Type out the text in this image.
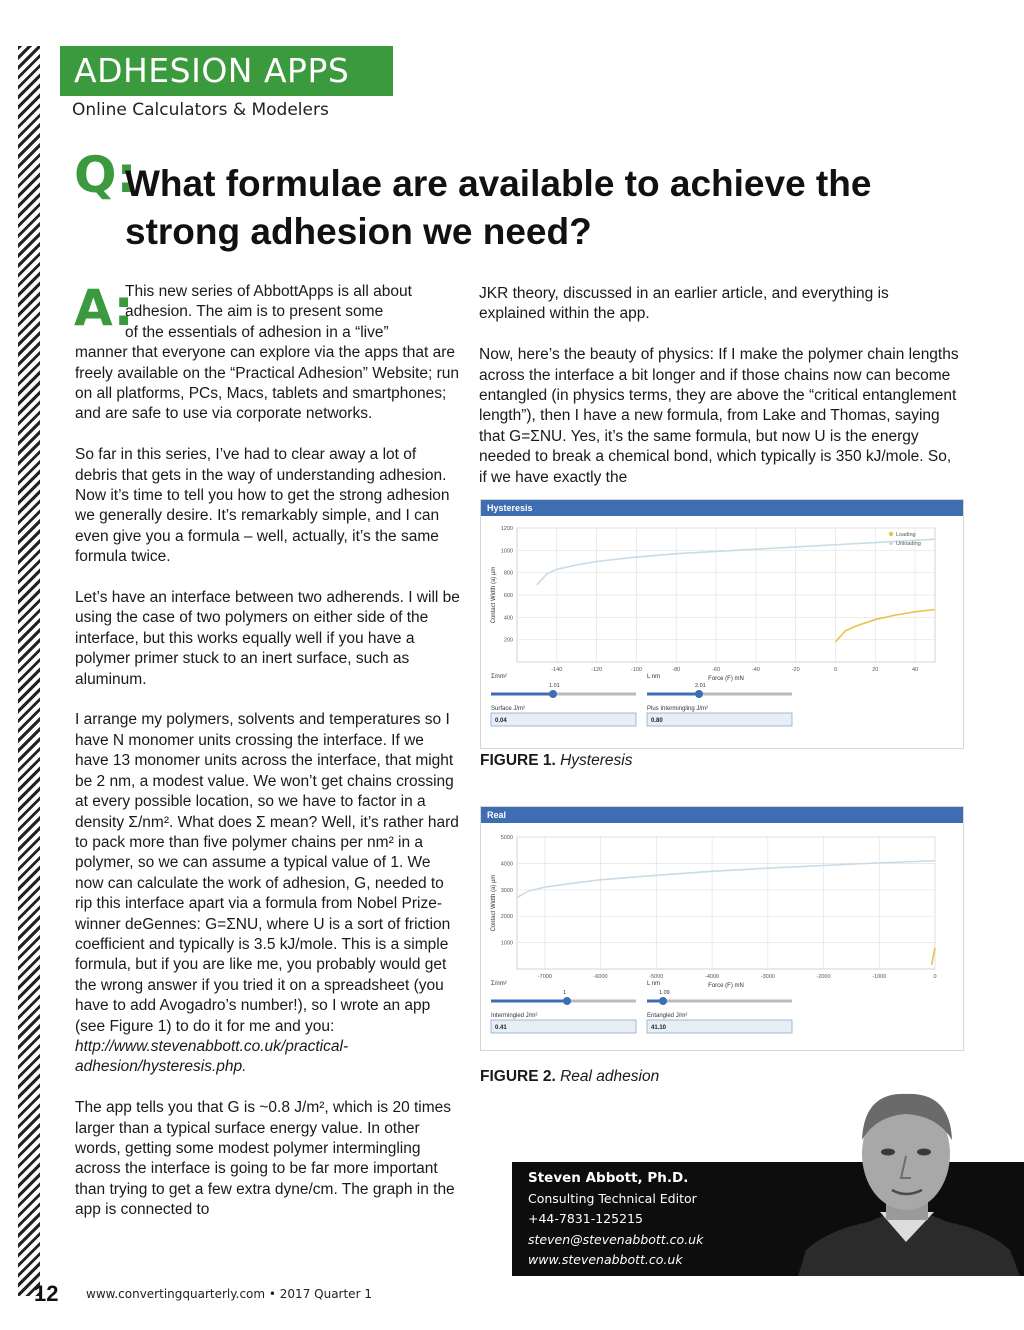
ADHESION APPS
Online Calculators & Modelers
Q:
What formulae are available to achieve the strong adhesion we need?
A:

This new series of AbbottApps is all about
adhesion. The aim is to present some
of the essentials of adhesion in a “live”
manner that everyone can explore via the apps that are freely available on the “Practical Adhesion” Website; run on all platforms, PCs, Macs, tablets and smartphones; and are safe to use via corporate networks.

So far in this series, I’ve had to clear away a lot of debris that gets in the way of understanding adhesion. Now it’s time to tell you how to get the strong adhesion we generally desire. It’s remarkably simple, and I can even give you a formula – well, actually, it’s the same formula twice.

Let’s have an interface between two adherends. I will be using the case of two polymers on either side of the interface, but this works equally well if you have a polymer primer stuck to an inert surface, such as aluminum.

I arrange my polymers, solvents and temperatures so I have N monomer units crossing the interface. If we have 13 monomer units across the interface, that might be 2 nm, a modest value. We won’t get chains crossing at every possible location, so we have to factor in a density Σ/nm². What does Σ mean? Well, it’s rather hard to pack more than five polymer chains per nm² in a polymer, so we can assume a typical value of 1. We now can calculate the work of adhesion, G, needed to rip this interface apart via a formula from Nobel Prize-winner deGennes: G=ΣNU, where U is a sort of friction coefficient and typically is 3.5 kJ/mole. This is a simple formula, but if you are like me, you probably would get the wrong answer if you tried it on a spreadsheet (you have to add Avogadro’s number!), so I wrote an app (see Figure 1) to do it for me and you: http://www.stevenabbott.co.uk/practical-adhesion/hysteresis.php.

The app tells you that G is ~0.8 J/m², which is 20 times larger than a typical surface energy value. In other words, getting some modest polymer intermingling across the interface is going to be far more important than trying to get a few extra dyne/cm. The graph in the app is connected to

JKR theory, discussed in an earlier article, and everything is explained within the app.

Now, here’s the beauty of physics: If I make the polymer chain lengths across the interface a bit longer and if those chains now can become entangled (in physics terms, they are above the “critical entanglement length”), then I have a new formula, from Lake and Thomas, saying that G=ΣNU. Yes, it’s the same formula, but now U is the energy needed to break a chemical bond, which typically is 350 kJ/mole. So, if we have exactly the

Hysteresis
-140	-120	-100	-80	-60	-40	-20	0	20	40
200
400
600
800
1000
1200
Force (F) mN
Contact Width (a) µm
Loading
Unloading
Σ/nm²
1.01
L nm
2.01
Surface J/m²
0.04
Plus Intermingling J/m²
0.80
FIGURE 1. Hysteresis
Real
-7000	-6000	-5000	-4000	-3000	-2000	-1000	0
1000
2000
3000
4000
5000
Force (F) mN
Contact Width (a) µm
Σ/nm²
1
L nm
1.09
Intermingled J/m²
0.41
Entangled J/m²
41.10
FIGURE 2. Real adhesion
Steven Abbott, Ph.D.
Consulting Technical Editor
+44-7831-125215
steven@stevenabbott.co.uk
www.stevenabbott.co.uk
12 www.convertingquarterly.com • 2017 Quarter 1
